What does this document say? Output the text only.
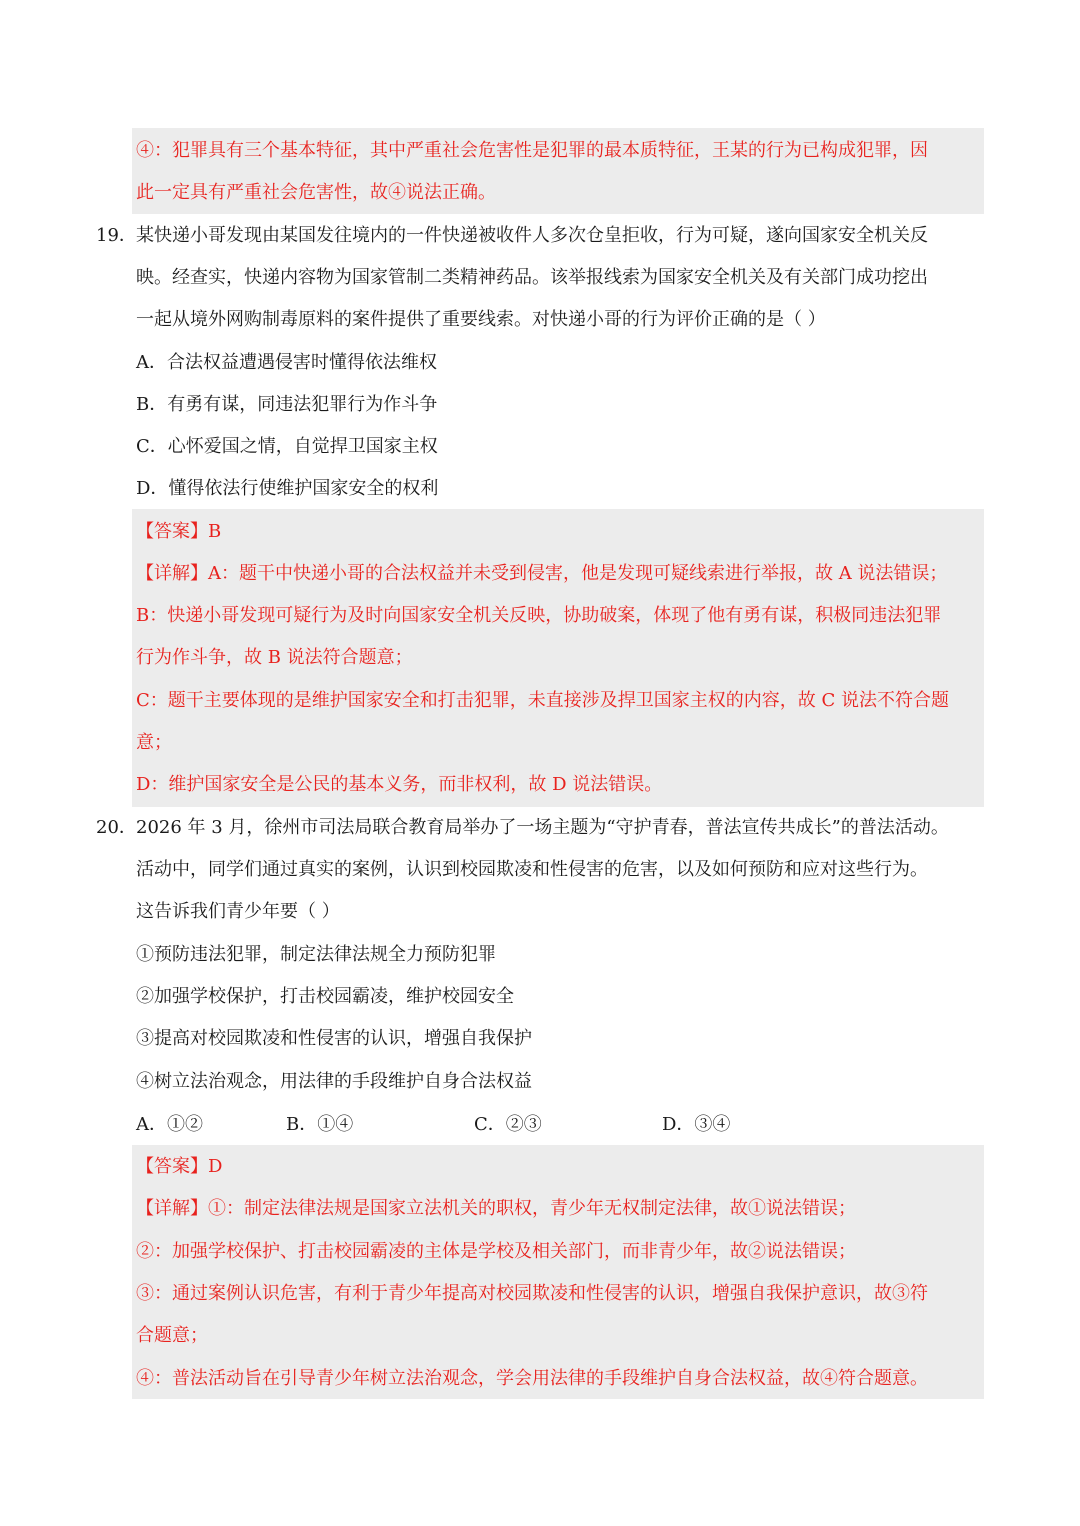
④：犯罪具有三个基本特征，其中严重社会危害性是犯罪的最本质特征，王某的行为已构成犯罪，因
此一定具有严重社会危害性，故④说法正确。
19． 某快递小哥发现由某国发往境内的一件快递被收件人多次仓皇拒收，行为可疑，遂向国家安全机关反
映。经查实，快递内容物为国家管制二类精神药品。该举报线索为国家安全机关及有关部门成功挖出
一起从境外网购制毒原料的案件提供了重要线索。对快递小哥的行为评价正确的是（ ）
A．合法权益遭遇侵害时懂得依法维权
B．有勇有谋，同违法犯罪行为作斗争
C．心怀爱国之情，自觉捍卫国家主权
D．懂得依法行使维护国家安全的权利
【答案】B
【详解】A：题干中快递小哥的合法权益并未受到侵害，他是发现可疑线索进行举报，故 A 说法错误；
B：快递小哥发现可疑行为及时向国家安全机关反映，协助破案，体现了他有勇有谋，积极同违法犯罪
行为作斗争，故 B 说法符合题意；
C：题干主要体现的是维护国家安全和打击犯罪，未直接涉及捍卫国家主权的内容，故 C 说法不符合题
意；
D：维护国家安全是公民的基本义务，而非权利，故 D 说法错误。
20． 2026 年 3 月，徐州市司法局联合教育局举办了一场主题为“守护青春，普法宣传共成长”的普法活动。
活动中，同学们通过真实的案例，认识到校园欺凌和性侵害的危害，以及如何预防和应对这些行为。
这告诉我们青少年要（ ）
①预防违法犯罪，制定法律法规全力预防犯罪
②加强学校保护，打击校园霸凌，维护校园安全
③提高对校园欺凌和性侵害的认识，增强自我保护
④树立法治观念，用法律的手段维护自身合法权益
A．①②	B．①④	C．②③	D．③④
【答案】D
【详解】①：制定法律法规是国家立法机关的职权，青少年无权制定法律，故①说法错误；
②：加强学校保护、打击校园霸凌的主体是学校及相关部门，而非青少年，故②说法错误；
③：通过案例认识危害，有利于青少年提高对校园欺凌和性侵害的认识，增强自我保护意识，故③符
合题意；
④：普法活动旨在引导青少年树立法治观念，学会用法律的手段维护自身合法权益，故④符合题意。
